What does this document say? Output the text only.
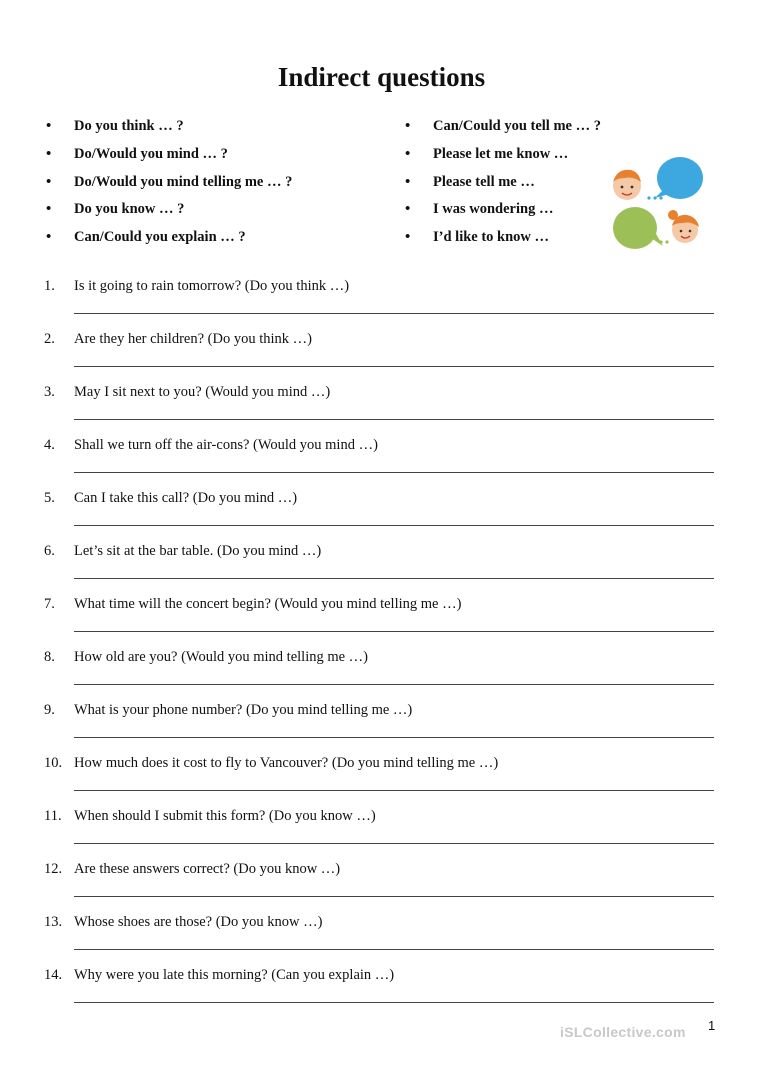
Indirect questions
•	Do you think … ?
•	Do/Would you mind … ?
•	Do/Would you mind telling me … ?
•	Do you know … ?
•	Can/Could you explain … ?
•	Can/Could you tell me … ?
•	Please let me know …
•	Please tell me …
•	I was wondering …
•	I’d like to know …
1. Is it going to rain tomorrow? (Do you think …)
2. Are they her children? (Do you think …)
3. May I sit next to you? (Would you mind …)
4. Shall we turn off the air-cons? (Would you mind …)
5. Can I take this call? (Do you mind …)
6. Let’s sit at the bar table. (Do you mind …)
7. What time will the concert begin? (Would you mind telling me …)
8. How old are you? (Would you mind telling me …)
9. What is your phone number? (Do you mind telling me …)
10. How much does it cost to fly to Vancouver? (Do you mind telling me …)
11. When should I submit this form? (Do you know …)
12. Are these answers correct? (Do you know …)
13. Whose shoes are those? (Do you know …)
14. Why were you late this morning? (Can you explain …)
iSLCollective.com 1
